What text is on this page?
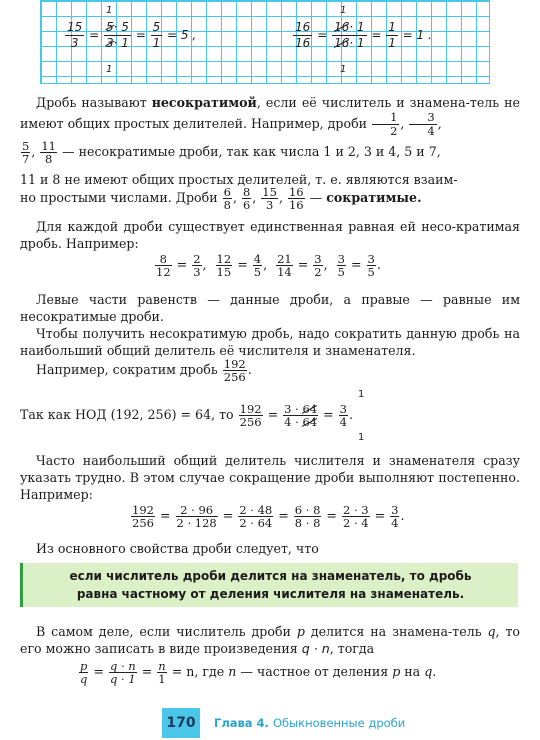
$\frac{15}{3} = \frac{5\cdot 5}{3\cdot 1} = \frac{5}{1} = 5$ ,
1
1
$\frac{16}{16} = \frac{16\cdot 1}{16\cdot 1} = \frac{1}{1} = 1$ .
1
1
Дробь называют несократимой, если её числитель и знамена-тель не имеют общих простых делителей. Например, дроби $\frac{1}{2}$ , $\frac{3}{4}$ ,
$\frac{5}{7}$ , $\frac{11}{8}$ — несократимые дроби, так как числа 1 и 2, 3 и 4, 5 и 7,
11 и 8 не имеют общих простых делителей, т. е. являются взаим-
но простыми числами. Дроби $\frac{6}{8}$ , $\frac{8}{6}$ , $\frac{15}{3}$ , $\frac{16}{16}$ — сократимые.
Для каждой дроби существует единственная равная ей несо-кратимая дробь. Например:
$\frac{8}{12} = \frac{2}{3}$ , $\frac{12}{15} = \frac{4}{5}$ , $\frac{21}{14} = \frac{3}{2}$ , $\frac{3}{5} = \frac{3}{5}$ .
Левые части равенств — данные дроби, а правые — равные им несократимые дроби.
Чтобы получить несократимую дробь, надо сократить данную дробь на наибольший общий делитель её числителя и знаменателя.
Например, сократим дробь $\frac{192}{256}$ .
Так как НОД (192, 256) = 64, то $\frac{192}{256} = \frac{3 \cdot 64}{4 \cdot 64} = \frac{3}{4}$ .
1
1
Часто наибольший общий делитель числителя и знаменателя сразу указать трудно. В этом случае сокращение дроби выполняют постепенно. Например:
$\frac{192}{256} = \frac{2 \cdot 96}{2 \cdot 128} = \frac{2 \cdot 48}{2 \cdot 64} = \frac{6 \cdot 8}{8 \cdot 8} = \frac{2 \cdot 3}{2 \cdot 4} = \frac{3}{4}$ .
Из основного свойства дроби следует, что

если числитель дроби делится на знаменатель, то дробь

равна частному от деления числителя на знаменатель.

В самом деле, если числитель дроби p делится на знамена-тель q, то его можно записать в виде произведения q · n, тогда
$\frac{p}{q} = \frac{q \cdot n}{q \cdot 1} = \frac{n}{1} = n$, где n — частное от деления p на q.
170	Глава 4. Обыкновенные дроби
